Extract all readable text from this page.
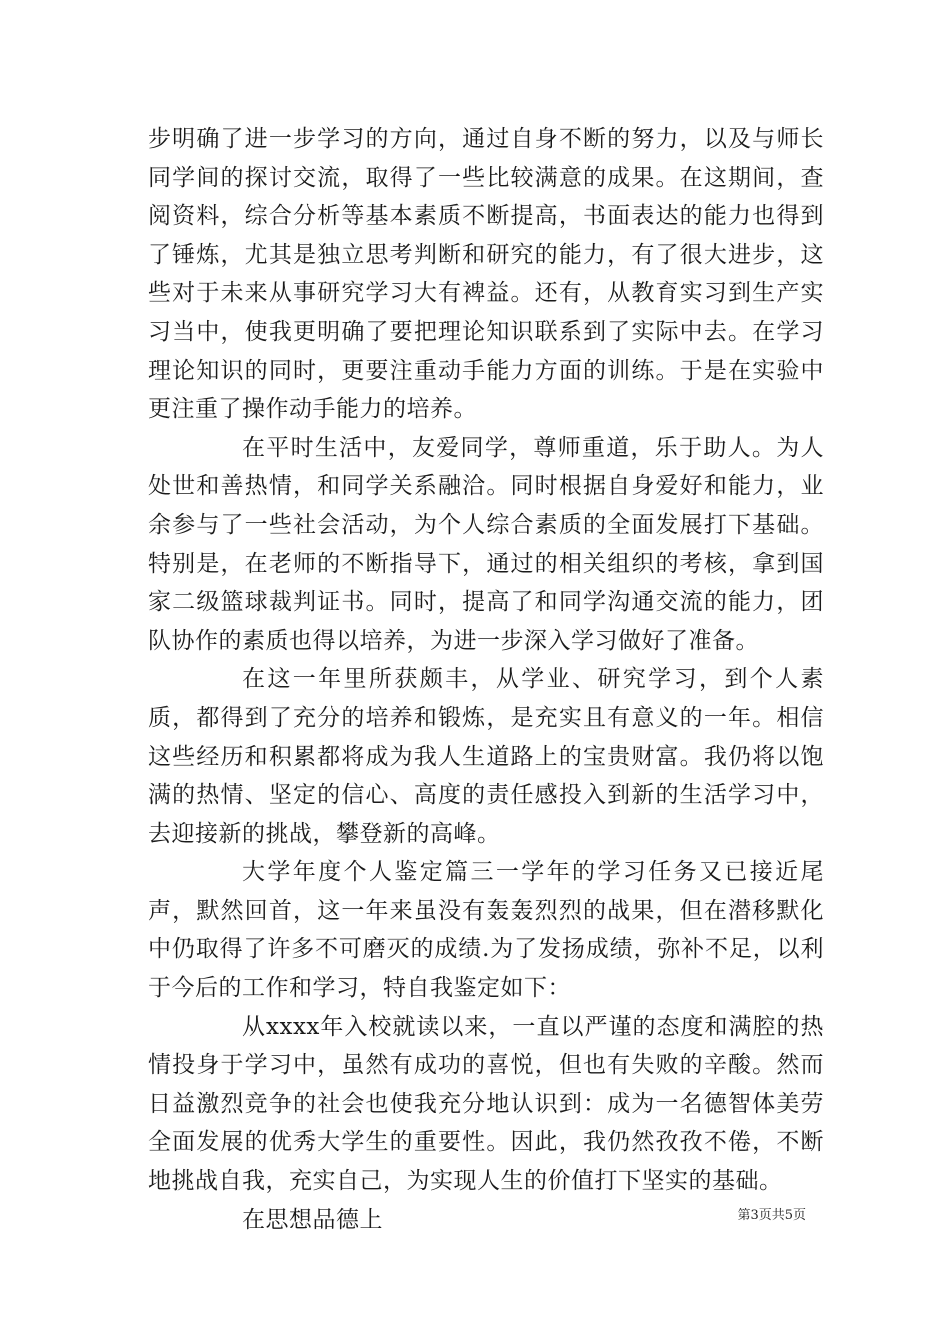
步明确了进一步学习的方向，通过自身不断的努力，以及与师长同学间的探讨交流，取得了一些比较满意的成果。在这期间，查阅资料，综合分析等基本素质不断提高，书面表达的能力也得到了锤炼，尤其是独立思考判断和研究的能力，有了很大进步，这些对于未来从事研究学习大有裨益。还有，从教育实习到生产实习当中，使我更明确了要把理论知识联系到了实际中去。在学习理论知识的同时，更要注重动手能力方面的训练。于是在实验中更注重了操作动手能力的培养。

在平时生活中，友爱同学，尊师重道，乐于助人。为人处世和善热情，和同学关系融洽。同时根据自身爱好和能力，业余参与了一些社会活动，为个人综合素质的全面发展打下基础。特别是，在老师的不断指导下，通过的相关组织的考核，拿到国家二级篮球裁判证书。同时，提高了和同学沟通交流的能力，团队协作的素质也得以培养，为进一步深入学习做好了准备。

在这一年里所获颇丰，从学业、研究学习，到个人素质，都得到了充分的培养和锻炼，是充实且有意义的一年。相信这些经历和积累都将成为我人生道路上的宝贵财富。我仍将以饱满的热情、坚定的信心、高度的责任感投入到新的生活学习中，去迎接新的挑战，攀登新的高峰。

大学年度个人鉴定篇三一学年的学习任务又已接近尾声，默然回首，这一年来虽没有轰轰烈烈的战果，但在潜移默化中仍取得了许多不可磨灭的成绩.为了发扬成绩，弥补不足，以利于今后的工作和学习，特自我鉴定如下：

从xxxx年入校就读以来，一直以严谨的态度和满腔的热情投身于学习中，虽然有成功的喜悦，但也有失败的辛酸。然而日益激烈竞争的社会也使我充分地认识到：成为一名德智体美劳全面发展的优秀大学生的重要性。因此，我仍然孜孜不倦，不断地挑战自我，充实自己，为实现人生的价值打下坚实的基础。

在思想品德上	第3页共5页
